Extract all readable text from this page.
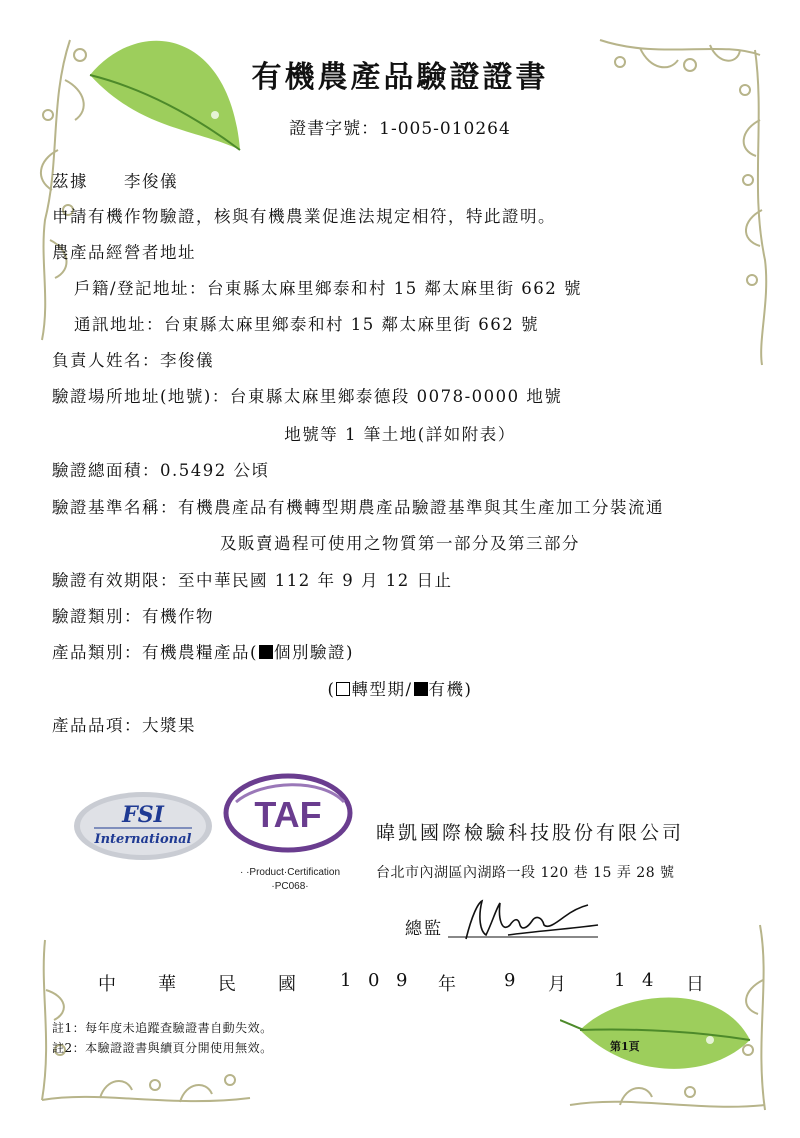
有機農產品驗證證書
證書字號：1-005-010264
茲據　　李俊儀
申請有機作物驗證，核與有機農業促進法規定相符，特此證明。
農產品經營者地址
戶籍/登記地址：台東縣太麻里鄉泰和村 15 鄰太麻里街 662 號
通訊地址：台東縣太麻里鄉泰和村 15 鄰太麻里街 662 號
負責人姓名：李俊儀
驗證場所地址(地號)：台東縣太麻里鄉泰德段 0078-0000 地號
地號等 1 筆土地(詳如附表）
驗證總面積：0.5492 公頃
驗證基準名稱：有機農產品有機轉型期農產品驗證基準與其生產加工分裝流通
及販賣過程可使用之物質第一部分及第三部分
驗證有效期限：至中華民國 112 年 9 月 12 日止
驗證類別：有機作物
產品類別：有機農糧產品( 個別驗證)
( 轉型期/ 有機)
產品品項：大漿果
FSI
International
TAF
· ·Product·Certification
·PC068·
暐凱國際檢驗科技股份有限公司
台北市內湖區內湖路一段 120 巷 15 弄 28 號
總監
中 華 民 國 1 0 9 年	9 月	1 4 日
註1：每年度未追蹤查驗證書自動失效。
註2：本驗證證書與續頁分開使用無效。	第1頁
